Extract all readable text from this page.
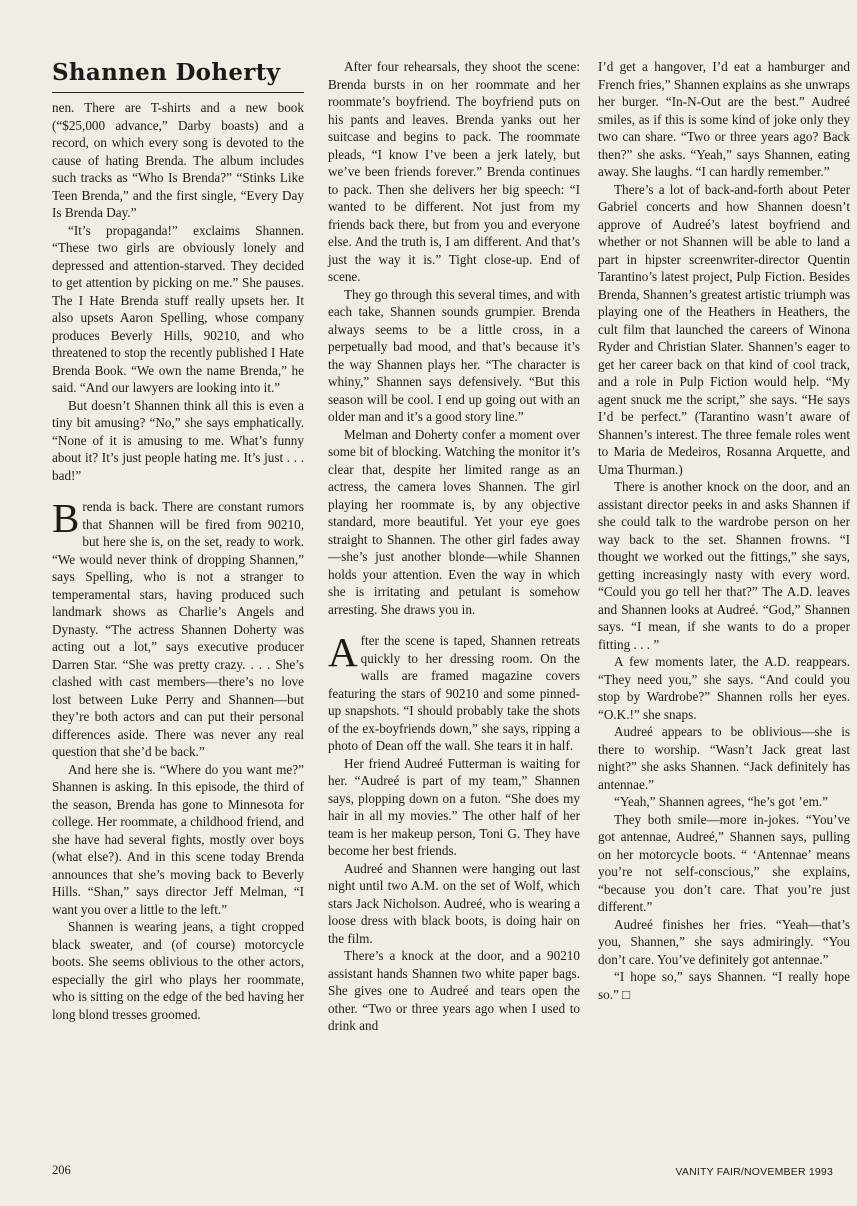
Shannen Doherty

nen. There are T-shirts and a new book (“$25,000 advance,” Darby boasts) and a record, on which every song is devoted to the cause of hating Brenda. The album includes such tracks as “Who Is Brenda?” “Stinks Like Teen Brenda,” and the first single, “Every Day Is Brenda Day.”

“It’s propaganda!” exclaims Shannen. “These two girls are obviously lonely and depressed and attention-starved. They decided to get attention by picking on me.” She pauses. The I Hate Brenda stuff really upsets her. It also upsets Aaron Spelling, whose company produces Beverly Hills, 90210, and who threatened to stop the recently published I Hate Brenda Book. “We own the name Brenda,” he said. “And our lawyers are looking into it.”

But doesn’t Shannen think all this is even a tiny bit amusing? “No,” she says emphatically. “None of it is amusing to me. What’s funny about it? It’s just people hating me. It’s just . . . bad!”

Brenda is back. There are constant rumors that Shannen will be fired from 90210, but here she is, on the set, ready to work. “We would never think of dropping Shannen,” says Spelling, who is not a stranger to temperamental stars, having produced such landmark shows as Charlie’s Angels and Dynasty. “The actress Shannen Doherty was acting out a lot,” says executive producer Darren Star. “She was pretty crazy. . . . She’s clashed with cast members—there’s no love lost between Luke Perry and Shannen—but they’re both actors and can put their personal differences aside. There was never any real question that she’d be back.”

And here she is. “Where do you want me?” Shannen is asking. In this episode, the third of the season, Brenda has gone to Minnesota for college. Her roommate, a childhood friend, and she have had several fights, mostly over boys (what else?). And in this scene today Brenda announces that she’s moving back to Beverly Hills. “Shan,” says director Jeff Melman, “I want you over a little to the left.”

Shannen is wearing jeans, a tight cropped black sweater, and (of course) motorcycle boots. She seems oblivious to the other actors, especially the girl who plays her roommate, who is sitting on the edge of the bed having her long blond tresses groomed.

After four rehearsals, they shoot the scene: Brenda bursts in on her roommate and her roommate’s boyfriend. The boyfriend puts on his pants and leaves. Brenda yanks out her suitcase and begins to pack. The roommate pleads, “I know I’ve been a jerk lately, but we’ve been friends forever.” Brenda continues to pack. Then she delivers her big speech: “I wanted to be different. Not just from my friends back there, but from you and everyone else. And the truth is, I am different. And that’s just the way it is.” Tight close-up. End of scene.

They go through this several times, and with each take, Shannen sounds grumpier. Brenda always seems to be a little cross, in a perpetually bad mood, and that’s because it’s the way Shannen plays her. “The character is whiny,” Shannen says defensively. “But this season will be cool. I end up going out with an older man and it’s a good story line.”

Melman and Doherty confer a moment over some bit of blocking. Watching the monitor it’s clear that, despite her limited range as an actress, the camera loves Shannen. The girl playing her roommate is, by any objective standard, more beautiful. Yet your eye goes straight to Shannen. The other girl fades away—she’s just another blonde—while Shannen holds your attention. Even the way in which she is irritating and petulant is somehow arresting. She draws you in.

After the scene is taped, Shannen retreats quickly to her dressing room. On the walls are framed magazine covers featuring the stars of 90210 and some pinned-up snapshots. “I should probably take the shots of the ex-boyfriends down,” she says, ripping a photo of Dean off the wall. She tears it in half.

Her friend Audreé Futterman is waiting for her. “Audreé is part of my team,” Shannen says, plopping down on a futon. “She does my hair in all my movies.” The other half of her team is her makeup person, Toni G. They have become her best friends.

Audreé and Shannen were hanging out last night until two A.M. on the set of Wolf, which stars Jack Nicholson. Audreé, who is wearing a loose dress with black boots, is doing hair on the film.

There’s a knock at the door, and a 90210 assistant hands Shannen two white paper bags. She gives one to Audreé and tears open the other. “Two or three years ago when I used to drink and

I’d get a hangover, I’d eat a hamburger and French fries,” Shannen explains as she unwraps her burger. “In-N-Out are the best.” Audreé smiles, as if this is some kind of joke only they two can share. “Two or three years ago? Back then?” she asks. “Yeah,” says Shannen, eating away. She laughs. “I can hardly remember.”

There’s a lot of back-and-forth about Peter Gabriel concerts and how Shannen doesn’t approve of Audreé’s latest boyfriend and whether or not Shannen will be able to land a part in hipster screenwriter-director Quentin Tarantino’s latest project, Pulp Fiction. Besides Brenda, Shannen’s greatest artistic triumph was playing one of the Heathers in Heathers, the cult film that launched the careers of Winona Ryder and Christian Slater. Shannen’s eager to get her career back on that kind of cool track, and a role in Pulp Fiction would help. “My agent snuck me the script,” she says. “He says I’d be perfect.” (Tarantino wasn’t aware of Shannen’s interest. The three female roles went to Maria de Medeiros, Rosanna Arquette, and Uma Thurman.)

There is another knock on the door, and an assistant director peeks in and asks Shannen if she could talk to the wardrobe person on her way back to the set. Shannen frowns. “I thought we worked out the fittings,” she says, getting increasingly nasty with every word. “Could you go tell her that?” The A.D. leaves and Shannen looks at Audreé. “God,” Shannen says. “I mean, if she wants to do a proper fitting . . . ”

A few moments later, the A.D. reappears. “They need you,” she says. “And could you stop by Wardrobe?” Shannen rolls her eyes. “O.K.!” she snaps.

Audreé appears to be oblivious—she is there to worship. “Wasn’t Jack great last night?” she asks Shannen. “Jack definitely has antennae.”

“Yeah,” Shannen agrees, “he’s got ’em.”

They both smile—more in-jokes. “You’ve got antennae, Audreé,” Shannen says, pulling on her motorcycle boots. “ ‘Antennae’ means you’re not self-conscious,” she explains, “because you don’t care. That you’re just different.”

Audreé finishes her fries. “Yeah—that’s you, Shannen,” she says admiringly. “You don’t care. You’ve definitely got antennae.”

“I hope so,” says Shannen. “I really hope so.” □

206	VANITY FAIR/NOVEMBER 1993
